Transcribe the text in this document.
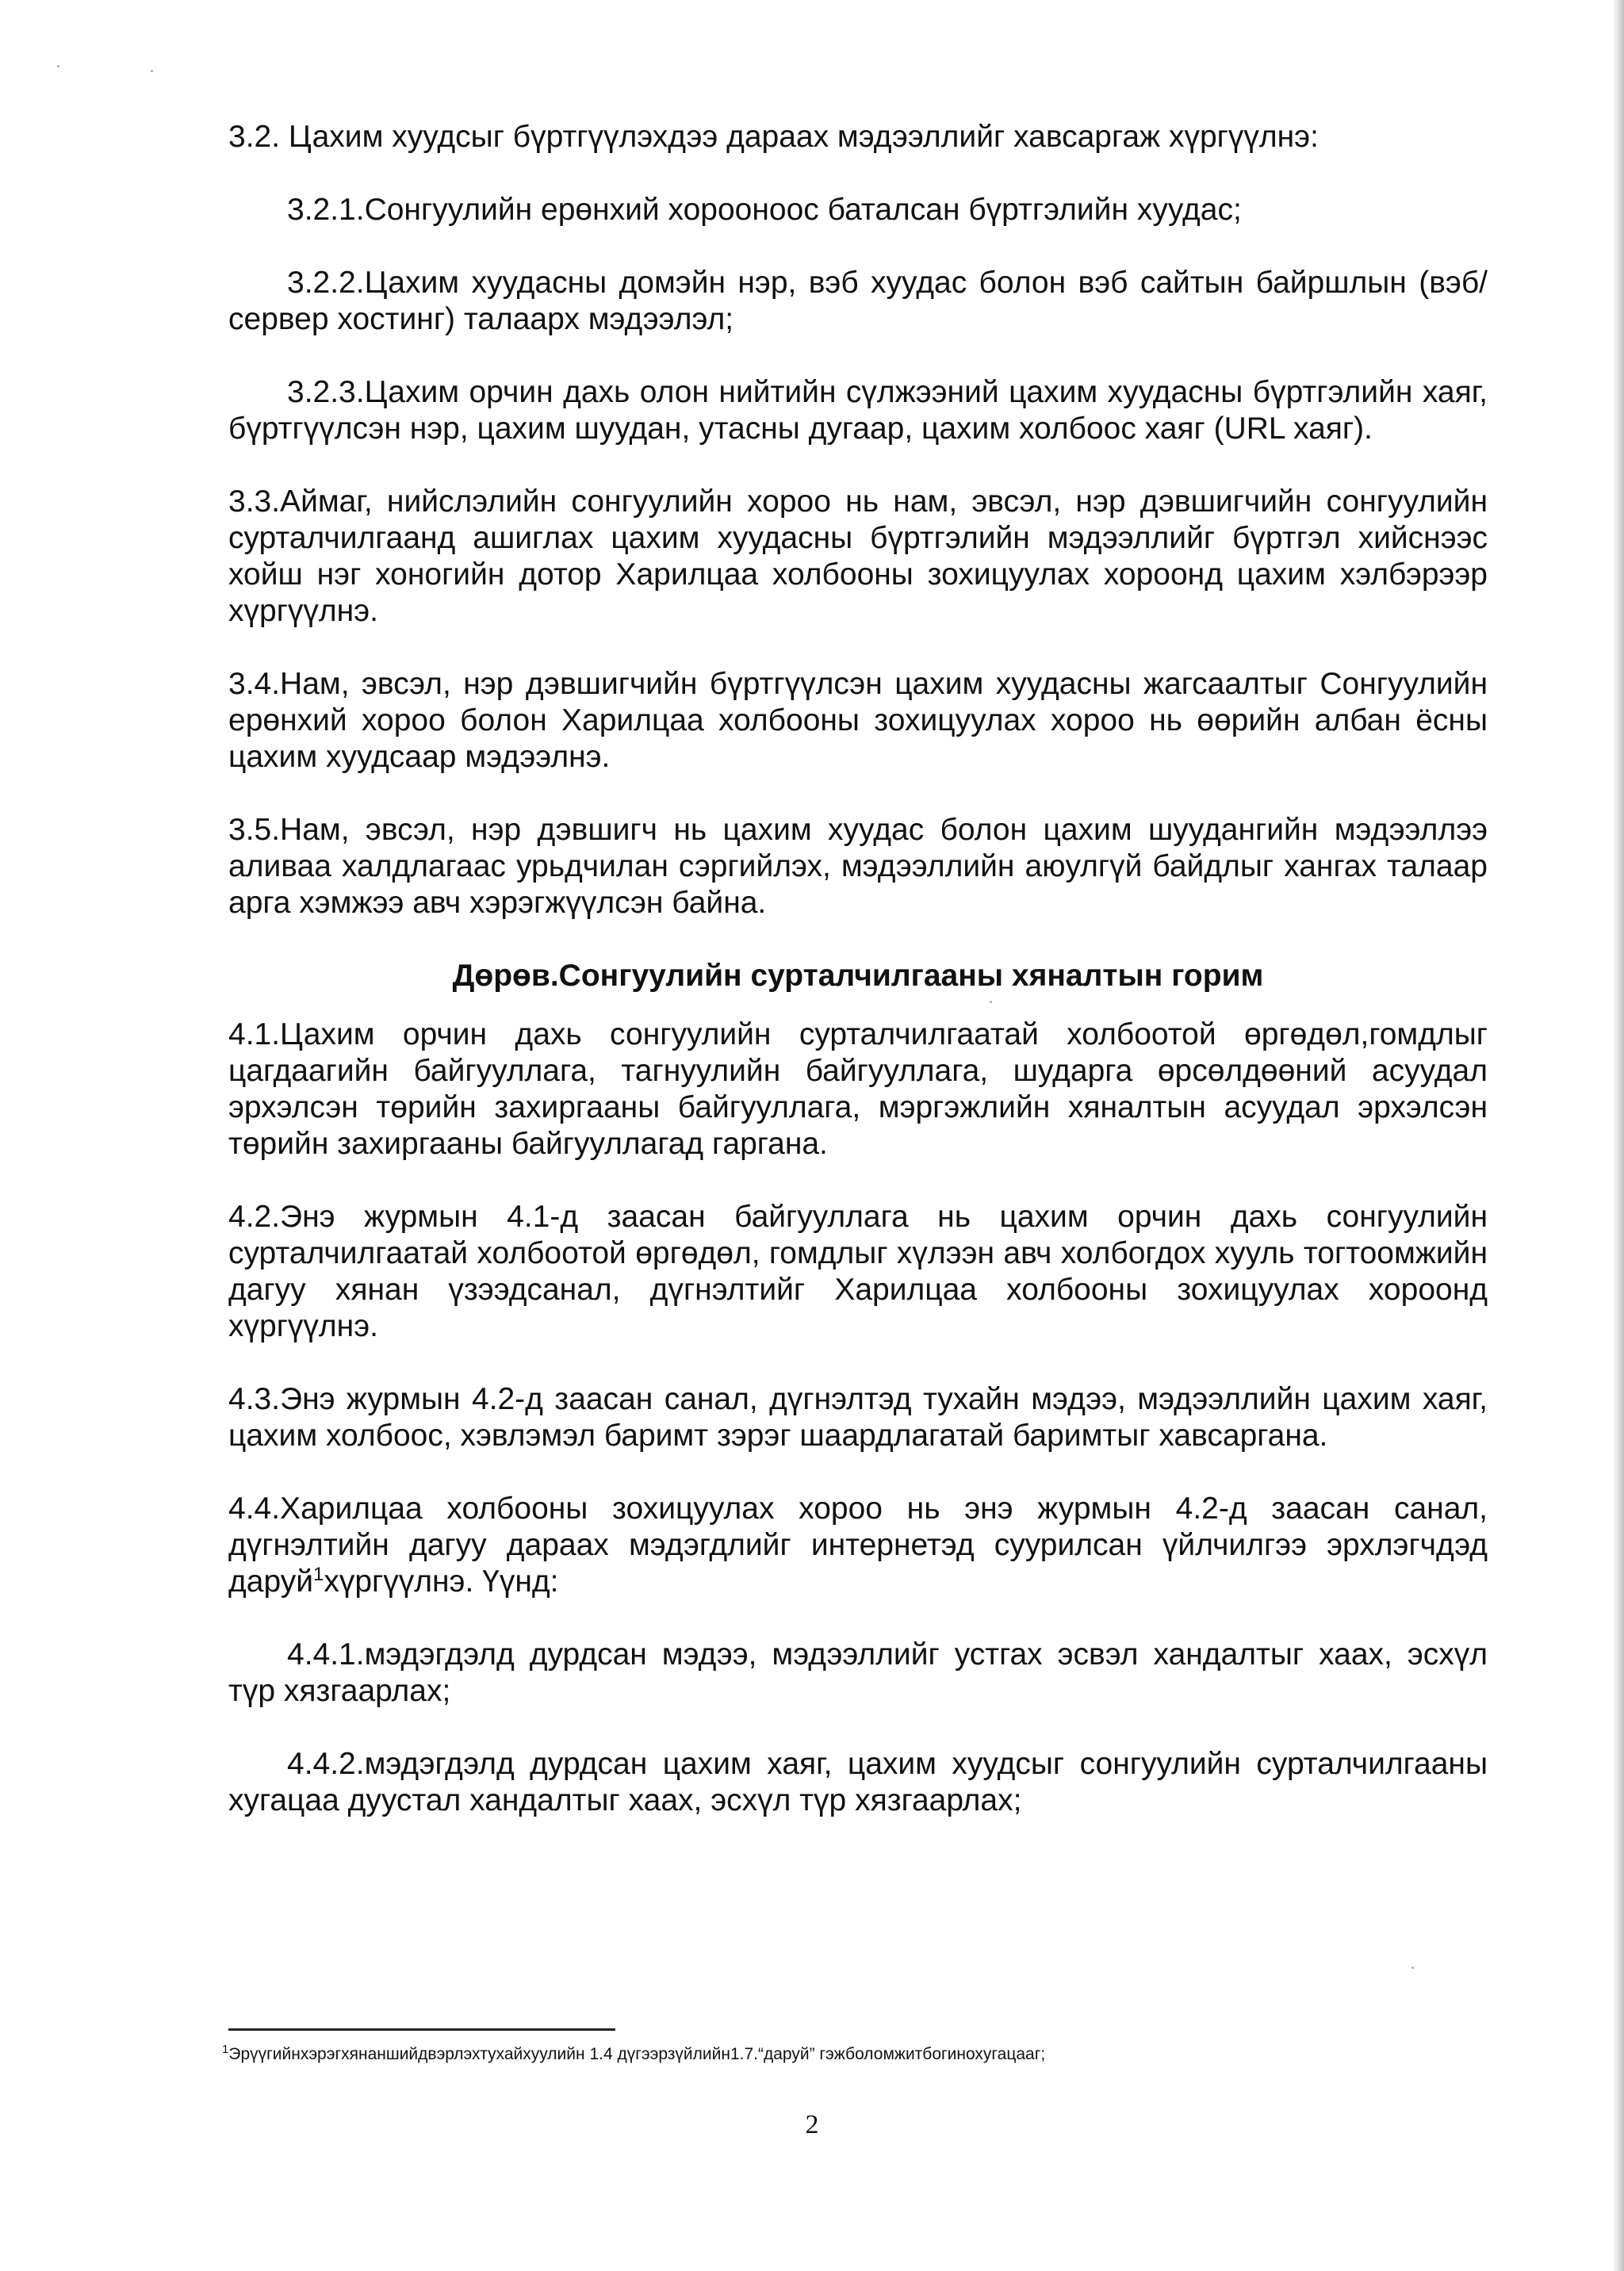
3.2. Цахим хуудсыг бүртгүүлэхдээ дараах мэдээллийг хавсаргаж хүргүүлнэ:

3.2.1.Сонгуулийн ерөнхий хорооноос баталсан бүртгэлийн хуудас;

3.2.2.Цахим хуудасны домэйн нэр, вэб хуудас болон вэб сайтын байршлын (вэб/сервер хостинг) талаарх мэдээлэл;

3.2.3.Цахим орчин дахь олон нийтийн сүлжээний цахим хуудасны бүртгэлийн хаяг, бүртгүүлсэн нэр, цахим шуудан, утасны дугаар, цахим холбоос хаяг (URL хаяг).

3.3.Аймаг, нийслэлийн сонгуулийн хороо нь нам, эвсэл, нэр дэвшигчийн сонгуулийн сурталчилгаанд ашиглах цахим хуудасны бүртгэлийн мэдээллийг бүртгэл хийснээс хойш нэг хоногийн дотор Харилцаа холбооны зохицуулах хороонд цахим хэлбэрээр хүргүүлнэ.

3.4.Нам, эвсэл, нэр дэвшигчийн бүртгүүлсэн цахим хуудасны жагсаалтыг Сонгуулийн ерөнхий хороо болон Харилцаа холбооны зохицуулах хороо нь өөрийн албан ёсны цахим хуудсаар мэдээлнэ.

3.5.Нам, эвсэл, нэр дэвшигч нь цахим хуудас болон цахим шуудангийн мэдээллээ аливаа халдлагаас урьдчилан сэргийлэх, мэдээллийн аюулгүй байдлыг хангах талаар арга хэмжээ авч хэрэгжүүлсэн байна.

Дөрөв.Сонгуулийн сурталчилгааны хяналтын горим

4.1.Цахим орчин дахь сонгуулийн сурталчилгаатай холбоотой өргөдөл,гомдлыг цагдаагийн байгууллага, тагнуулийн байгууллага, шударга өрсөлдөөний асуудал эрхэлсэн төрийн захиргааны байгууллага, мэргэжлийн хяналтын асуудал эрхэлсэн төрийн захиргааны байгууллагад гаргана.

4.2.Энэ журмын 4.1-д заасан байгууллага нь цахим орчин дахь сонгуулийн сурталчилгаатай холбоотой өргөдөл, гомдлыг хүлээн авч холбогдох хууль тогтоомжийн дагуу хянан үзээдсанал, дүгнэлтийг Харилцаа холбооны зохицуулах хороонд хүргүүлнэ.

4.3.Энэ журмын 4.2-д заасан санал, дүгнэлтэд тухайн мэдээ, мэдээллийн цахим хаяг, цахим холбоос, хэвлэмэл баримт зэрэг шаардлагатай баримтыг хавсаргана.

4.4.Харилцаа холбооны зохицуулах хороо нь энэ журмын 4.2-д заасан санал, дүгнэлтийн дагуу дараах мэдэгдлийг интернетэд суурилсан үйлчилгээ эрхлэгчдэд даруй$^1$хүргүүлнэ. Үүнд:

4.4.1.мэдэгдэлд дурдсан мэдээ, мэдээллийг устгах эсвэл хандалтыг хаах, эсхүл түр хязгаарлах;

4.4.2.мэдэгдэлд дурдсан цахим хаяг, цахим хуудсыг сонгуулийн сурталчилгааны хугацаа дуустал хандалтыг хаах, эсхүл түр хязгаарлах;

$^1$Эрүүгийнхэрэгхянаншийдвэрлэхтухайхуулийн 1.4 дүгээрзүйлийн1.7.“даруй” гэжболомжитбогинохугацааг;
2
